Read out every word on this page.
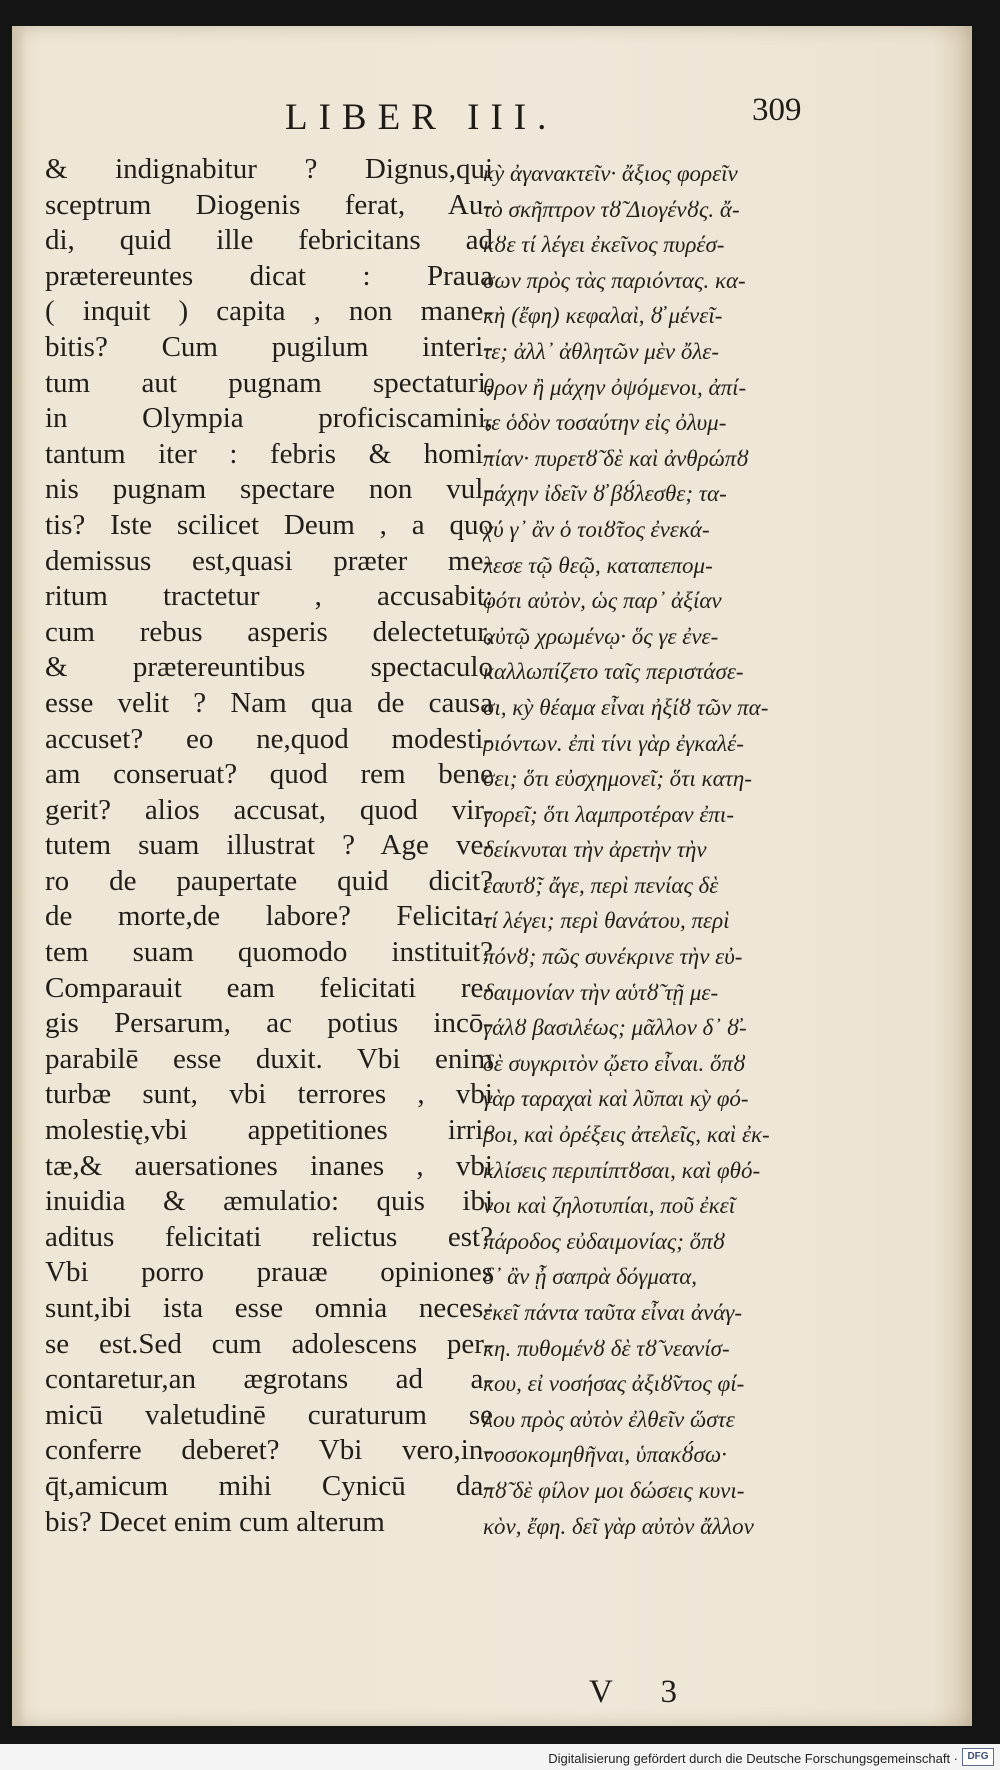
LIBER III.	309
& indignabitur ? Dignus,qui
sceptrum Diogenis ferat, Au-
di, quid ille febricitans ad
prætereuntes dicat : Praua
( inquit ) capita , non mane-
bitis? Cum pugilum interi-
tum aut pugnam spectaturi,
in Olympia proficiscamini,
tantum iter : febris & homi-
nis pugnam spectare non vul-
tis? Iste scilicet Deum , a quo
demissus est,quasi præter me-
ritum tractetur , accusabit:
cum rebus asperis delectetur,
& prætereuntibus spectaculo
esse velit ? Nam qua de causa
accuset? eo ne,quod modesti-
am conseruat? quod rem bene
gerit? alios accusat, quod vir-
tutem suam illustrat ? Age ve-
ro de paupertate quid dicit?
de morte,de labore? Felicita-
tem suam quomodo instituit?
Comparauit eam felicitati re-
gis Persarum, ac potius incō-
parabilē esse duxit. Vbi enim
turbæ sunt, vbi terrores , vbi
molestię,vbi appetitiones irri-
tæ,& auersationes inanes , vbi
inuidia & æmulatio: quis ibi
aditus felicitati relictus est?
Vbi porro prauæ opiniones
sunt,ibi ista esse omnia neces-
se est.Sed cum adolescens per-
contaretur,an ægrotans ad a-
micū valetudinē curaturum se
conferre deberet? Vbi vero,in-
q̄t,amicum mihi Cynicū da-
bis? Decet enim cum alterum
κỳ ἀγανακτεῖν· ἄξιος φορεῖν
τὸ σκῆπτρον τȣ̃ Διογένȣς. ἄ-
κȣε τί λέγει ἐκεῖνος πυρέσ-
σων πρὸς τὰς παριόντας. κα-
κὴ (ἔφη) κεφαλαὶ, ȣ̓ μένεῖ-
τε; ἀλλ᾽ ἀθλητῶν μὲν ὄλε-
θρον ἢ μάχην ὀψόμενοι, ἀπί-
τε ὁδὸν τοσαύτην εἰς ὀλυμ-
πίαν· πυρετȣ̃ δὲ καὶ ἀνθρώπȣ
μάχην ἰδεῖν ȣ̓ βȣ́λεσθε; τα-
χύ γ᾽ ἂν ὁ τοιȣ̃τος ἐνεκά-
λεσε τῷ θεῷ, καταπεπομ-
φότι αὐτὸν, ὡς παρ᾽ ἀξίαν
αὐτῷ χρωμένῳ· ὅς γε ἐνε-
καλλωπίζετο ταῖς περιστάσε-
σι, κỳ θέαμα εἶναι ἠξίȣ τῶν πα-
ριόντων. ἐπὶ τίνι γὰρ ἐγκαλέ-
σει; ὅτι εὐσχημονεῖ; ὅτι κατη-
γορεῖ; ὅτι λαμπροτέραν ἐπι-
δείκνυται τὴν ἀρετὴν τὴν
ἑαυτȣ̃; ἄγε, περὶ πενίας δὲ
τί λέγει; περὶ θανάτου, περὶ
πόνȣ; πῶς συνέκρινε τὴν εὐ-
δαιμονίαν τὴν αὑτȣ̃ τῇ με-
γάλȣ βασιλέως; μᾶλλον δ᾽ ȣ̓-
δὲ συγκριτὸν ᾤετο εἶναι. ὅπȣ
γὰρ ταραχαὶ καὶ λῦπαι κỳ φό-
βοι, καὶ ὀρέξεις ἀτελεῖς, καὶ ἐκ-
κλίσεις περιπίπτȣσαι, καὶ φθό-
νοι καὶ ζηλοτυπίαι, ποῦ ἐκεῖ
πάροδος εὐδαιμονίας; ὅπȣ
δ᾽ ἂν ᾖ σαπρὰ δόγματα,
ἐκεῖ πάντα ταῦτα εἶναι ἀνάγ-
κη. πυθομένȣ δὲ τȣ̃ νεανίσ-
κου, εἰ νοσήσας ἀξιȣ̃ντος φί-
λου πρὸς αὐτὸν ἐλθεῖν ὥστε
νοσοκομηθῆναι, ὑπακȣ́σω·
πȣ̃ δὲ φίλον μοι δώσεις κυνι-
κὸν, ἔφη. δεῖ γὰρ αὐτὸν ἄλλον
V 3
Digitalisierung gefördert durch die Deutsche Forschungsgemeinschaft · DFG
